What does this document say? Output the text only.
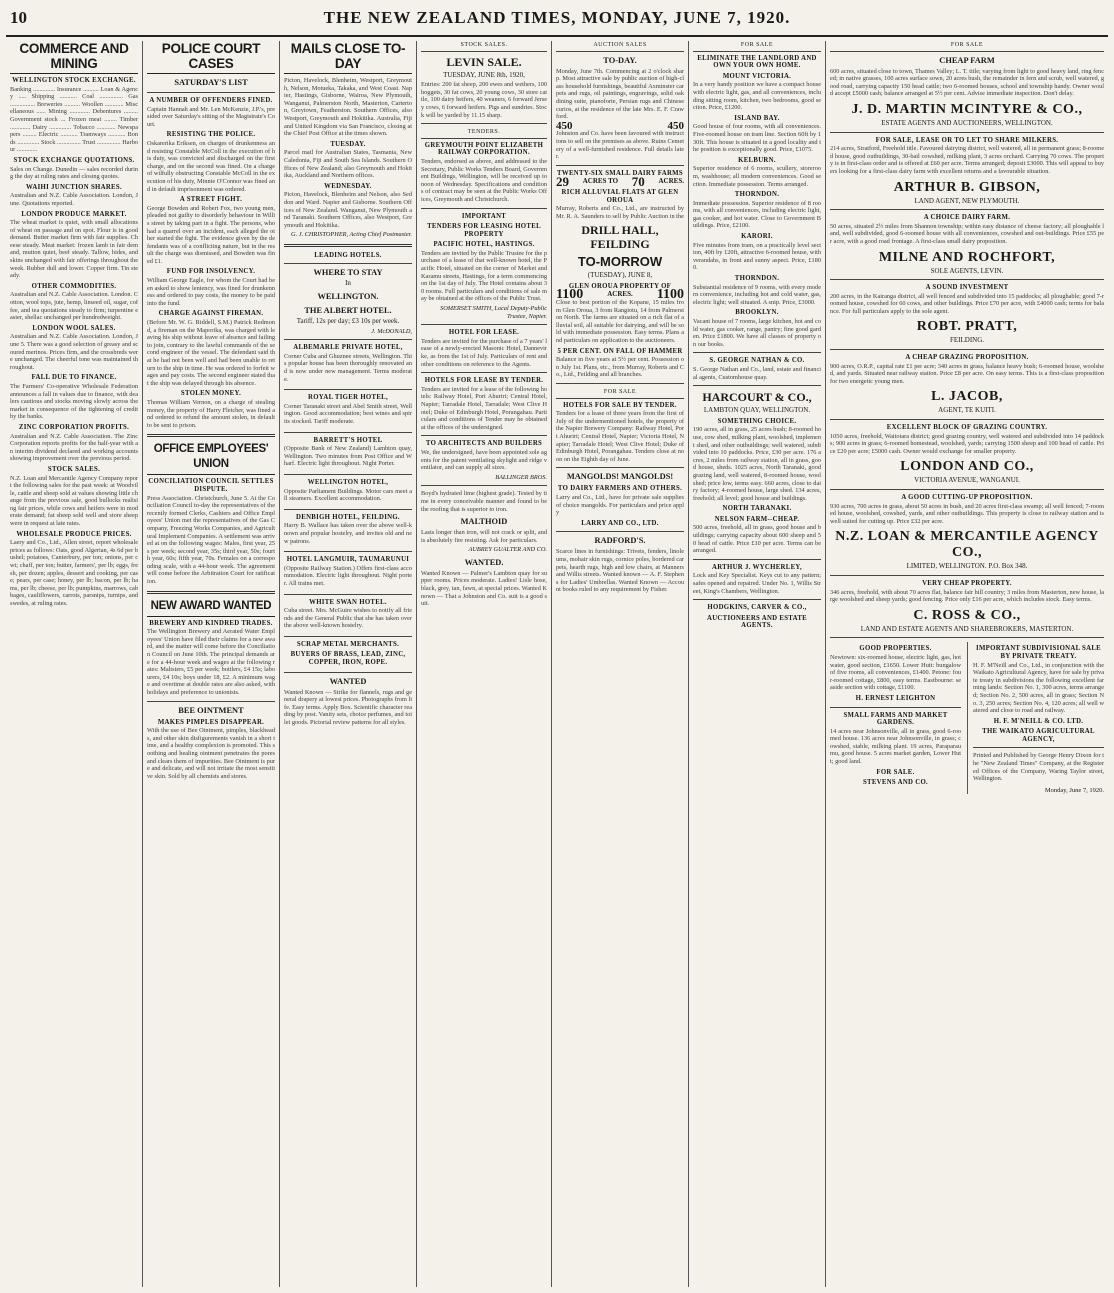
10	THE NEW ZEALAND TIMES, MONDAY, JUNE 7, 1920.
COMMERCE AND MINING
WELLINGTON STOCK EXCHANGE.
Banking .............. Insurance .......... Loan & Agency ..... Shipping ........... Coal ............... Gas ................ Breweries .......... Woollen ............ Miscellaneous ...... Mining ............. Debentures ......... Government stock ... Frozen meat ........ Timber ............. Dairy .............. Tobacco ............ Newspapers ......... Electric ........... Tramways ........... Bonds .............. Stock ............... Trust ............... Harbour .............
STOCK EXCHANGE QUOTATIONS.
Sales on Change. Dunedin — sales recorded during the day at ruling rates and closing quotes.
WAIHI JUNCTION SHARES.
Australian and N.Z. Cable Association. London, June. Quotations reported.
LONDON PRODUCE MARKET.
The wheat market is quiet, with small allocations of wheat on passage and on spot. Flour is in good demand. Butter market firm with fair supplies. Cheese steady. Meat market: frozen lamb in fair demand, mutton quiet, beef steady. Tallow, hides, and skins unchanged with fair offerings throughout the week. Rubber dull and lower. Copper firm. Tin steady.
OTHER COMMODITIES.
Australian and N.Z. Cable Association. London. Cotton, wool tops, jute, hemp, linseed oil, sugar, coffee, and tea quotations steady to firm; turpentine easier, shellac unchanged per hundredweight.
LONDON WOOL SALES.
Australian and N.Z. Cable Association. London, June 5. There was a good selection of greasy and scoured merinos. Prices firm, and the crossbreds were unchanged. The cheerful tone was maintained throughout.
FALL DUE TO FINANCE.
The Farmers' Co-operative Wholesale Federation announces a fall in values due to finance, with dealers cautious and stocks moving slowly across the market in consequence of the tightening of credit by the banks.
ZINC CORPORATION PROFITS.
Australian and N.Z. Cable Association. The Zinc Corporation reports profits for the half-year with an interim dividend declared and working accounts showing improvement over the previous period.
STOCK SALES.
N.Z. Loan and Mercantile Agency Company report the following sales for the past week: at Woodville, cattle and sheep sold at values showing little change from the previous sale, good bullocks realising fair prices, while cows and heifers were in moderate demand; fat sheep sold well and store sheep were in request at late rates.
WHOLESALE PRODUCE PRICES.
Laery and Co., Ltd., Allen street, report wholesale prices as follows: Oats, good Algerian, 4s 6d per bushel; potatoes, Canterbury, per ton; onions, per cwt; chaff, per ton; butter, farmers', per lb; eggs, fresh, per dozen; apples, dessert and cooking, per case; pears, per case; honey, per lb; bacon, per lb; hams, per lb; cheese, per lb; pumpkins, marrows, cabbages, cauliflowers, carrots, parsnips, turnips, and swedes, at ruling rates.
POLICE COURT CASES
SATURDAY'S LIST
A NUMBER OF OFFENDERS FINED.
Captain Hannah and Mr. Len McKenzie, J.P.'s, presided over Saturday's sitting of the Magistrate's Court.
RESISTING THE POLICE.
Oskarerika Eriksen, on charges of drunkenness and resisting Constable McColl in the execution of his duty, was convicted and discharged on the first charge, and on the second was fined. On a charge of wilfully obstructing Constable McColl in the execution of his duty, Minnie O'Connor was fined and in default imprisonment was ordered.
A STREET FIGHT.
George Bowden and Robert Fox, two young men, pleaded not guilty to disorderly behaviour in Willis street by taking part in a fight. The persons, who had a quarrel over an incident, each alleged the other started the fight. The evidence given by the defendants was of a conflicting nature, but in the result the charge was dismissed, and Bowden was fined £1.
FUND FOR INSOLVENCY.
William George Eagle, for whom the Court had been asked to show leniency, was fined for drunkenness and ordered to pay costs, the money to be paid into the fund.
CHARGE AGAINST FIREMAN.
(Before Mr. W. G. Riddell, S.M.) Patrick Redmond, a fireman on the Maporika, was charged with leaving his ship without leave of absence and failing to join, contrary to the lawful commands of the second engineer of the vessel. The defendant said that he had not been well and had been unable to return to the ship in time. He was ordered to forfeit wages and pay costs. The second engineer stated that the ship was delayed through his absence.
STOLEN MONEY.
Thomas William Vernon, on a charge of stealing money, the property of Harry Fletcher, was fined and ordered to refund the amount stolen, in default to be sent to prison.
OFFICE EMPLOYEES' UNION
CONCILIATION COUNCIL SETTLES DISPUTE.
Press Association. Christchurch, June 5. At the Conciliation Council to-day the representatives of the recently formed Clerks, Cashiers and Office Employees' Union met the representatives of the Gas Company, Freezing Works Companies, and Agricultural Implement Companies. A settlement was arrived at on the following wages: Males, first year, 25s per week; second year, 35s; third year, 50s; fourth year, 60s; fifth year, 70s. Females on a corresponding scale, with a 44-hour week. The agreement will come before the Arbitration Court for ratification.
NEW AWARD WANTED
BREWERY AND KINDRED TRADES.
The Wellington Brewery and Aerated Water Employees' Union have filed their claims for a new award, and the matter will come before the Conciliation Council on June 10th. The principal demands are for a 44-hour week and wages at the following rates: Maltsters, £5 per week; bottlers, £4 15s; labourers, £4 10s; boys under 18, £2. A minimum wage and overtime at double rates are also asked, with holidays and preference to unionists.
BEE OINTMENT
MAKES PIMPLES DISAPPEAR.
With the use of Bee Ointment, pimples, blackheads, and other skin disfigurements vanish in a short time, and a healthy complexion is promoted. This soothing and healing ointment penetrates the pores and clears them of impurities. Bee Ointment is pure and delicate, and will not irritate the most sensitive skin. Sold by all chemists and stores.
MAILS CLOSE TO-DAY
Picton, Havelock, Blenheim, Westport, Greymouth, Nelson, Motueka, Takaka, and West Coast. Napier, Hastings, Gisborne, Wairoa, New Plymouth, Wanganui, Palmerston North, Masterton, Carterton, Greytown, Featherston. Southern Offices, also Westport, Greymouth and Hokitika. Australia, Fiji and United Kingdom via San Francisco, closing at the Chief Post Office at the times shown.
TUESDAY.
Parcel mail for Australian States, Tasmania, New Caledonia, Fiji and South Sea Islands. Southern Offices of New Zealand; also Greymouth and Hokitika, Auckland and Northern offices.
WEDNESDAY.
Picton, Havelock, Blenheim and Nelson, also Seddon and Ward. Napier and Gisborne. Southern Offices of New Zealand. Wanganui, New Plymouth and Taranaki. Southern Offices, also Westport, Greymouth and Hokitika.
G. J. CHRISTOPHER, Acting Chief Postmaster.
LEADING HOTELS.
WHERE TO STAY
In
WELLINGTON.
THE ALBERT HOTEL.
Tariff, 12s per day; £3 10s per week.
J. McDONALD,
ALBEMARLE PRIVATE HOTEL,
Corner Cuba and Ghuznee streets, Wellington. This popular house has been thoroughly renovated and is now under new management. Terms moderate.
ROYAL TIGER HOTEL,
Corner Taranaki street and Abel Smith street, Wellington. Good accommodation; best wines and spirits stocked. Tariff moderate.
BARRETT'S HOTEL
(Opposite Bank of New Zealand) Lambton quay, Wellington. Two minutes from Post Office and Wharf. Electric light throughout. Night Porter.
WELLINGTON HOTEL,
Opposite Parliament Buildings. Motor cars meet all steamers. Excellent accommodation.
DENBIGH HOTEL, FEILDING.
Harry B. Wallace has taken over the above well-known and popular hostelry, and invites old and new patrons.
HOTEL LANGMUIR, TAUMARUNUI
(Opposite Railway Station.) Offers first-class accommodation. Electric light throughout. Night porter. All trains met.
WHITE SWAN HOTEL.
Cuba street. Mrs. McGuire wishes to notify all friends and the General Public that she has taken over the above well-known hostelry.
SCRAP METAL MERCHANTS.
BUYERS OF BRASS, LEAD, ZINC, COPPER, IRON, ROPE.
WANTED
Wanted Known — Strike for flannels, rugs and general drapery at lowest prices. Photographs from life. Easy terms. Apply Box. Scientific character reading by post. Vanity sets, choice perfumes, and toilet goods. Pictorial review patterns for all styles.
STOCK SALES.
LEVIN SALE.
TUESDAY, JUNE 8th, 1920,
Entries: 200 fat sheep, 200 ewes and wethers, 100 hoggets, 30 fat cows, 20 young cows, 30 store cattle, 100 dairy heifers, 40 weaners, 6 forward Jersey cows, 6 forward heifers. Pigs and sundries. Stock will be yarded by 11.15 sharp.
TENDERS.
GREYMOUTH POINT ELIZABETH RAILWAY CORPORATION.
Tenders, endorsed as above, and addressed to the Secretary, Public Works Tenders Board, Government Buildings, Wellington, will be received up to noon of Wednesday. Specifications and conditions of contract may be seen at the Public Works Offices, Greymouth and Christchurch.
IMPORTANT
TENDERS FOR LEASING HOTEL PROPERTY
PACIFIC HOTEL, HASTINGS.
Tenders are invited by the Public Trustee for the purchase of a lease of that well-known hotel, the Pacific Hotel, situated on the corner of Market and Karamu streets, Hastings, for a term commencing on the 1st day of July. The Hotel contains about 30 rooms. Full particulars and conditions of sale may be obtained at the offices of the Public Trust.
SOMERSET SMITH, Local Deputy-Public Trustee, Napier.
HOTEL FOR LEASE.
Tenders are invited for the purchase of a 7 years' lease of a newly-erected Masonic Hotel, Dannevirke, as from the 1st of July. Particulars of rent and other conditions on reference to the Agents.
HOTELS FOR LEASE BY TENDER.
Tenders are invited for a lease of the following hotels: Railway Hotel, Port Ahuriri; Central Hotel, Napier; Tarradale Hotel, Tarradale; West Clive Hotel; Duke of Edinburgh Hotel, Porangahau. Particulars and conditions of Tender may be obtained at the offices of the undersigned.
TO ARCHITECTS AND BUILDERS
We, the undersigned, have been appointed sole agents for the patent ventilating skylight and ridge ventilator, and can supply all sizes.
BALLINGER BROS.
Boyd's hydrated lime (highest grade). Tested by time in every conceivable manner and found to be the roofing that is superior to iron.
MALTHOID
Lasts longer than iron, will not crack or split, and is absolutely fire resisting. Ask for particulars.
AUBREY GUALTER AND CO.
WANTED.
Wanted Known — Palmer's Lambton quay for supper rooms. Prices moderate. Ladies! Lisle hose, black, grey, tan, fawn, at special prices. Wanted Known — That a Johnston and Co. suit is a good suit.
AUCTION SALES
TO-DAY.
Monday, June 7th. Commencing at 2 o'clock sharp. Most attractive sale by public auction of high-class household furnishings, beautiful Axminster carpets and rugs, oil paintings, engravings, solid oak dining suite, pianoforte, Persian rugs and Chinese curios, at the residence of the late Mrs. E. F. Crawford.
450	450
Johnston and Co. have been favoured with instructions to sell on the premises as above. Ruins Cemetery of a well-furnished residence. Full details later.
TWENTY-SIX SMALL DAIRY FARMS
29 ACRES TO 70 ACRES.
RICH ALLUVIAL FLATS AT GLEN OROUA
Murray, Roberts and Co., Ltd., are instructed by Mr. R. A. Saunders to sell by Public Auction in the
DRILL HALL, FEILDING
TO-MORROW
(TUESDAY), JUNE 8,
GLEN OROUA PROPERTY OF
1100	ACRES. 1100
Close to best portion of the Kopane, 15 miles from Glen Oroua, 3 from Rangiotu, 14 from Palmerston North. The farms are situated on a rich flat of alluvial soil, all suitable for dairying, and will be sold with immediate possession. Easy terms. Plans and particulars on application to the auctioneers.
5 PER CENT. ON FALL OF HAMMER
Balance in five years at 5½ per cent. Possession on July 1st. Plans, etc., from Murray, Roberts and Co., Ltd., Feilding and all branches.
FOR SALE
HOTELS FOR SALE BY TENDER.
Tenders for a lease of three years from the first of July of the undermentioned hotels, the property of the Napier Brewery Company: Railway Hotel, Port Ahuriri; Central Hotel, Napier; Victoria Hotel, Napier; Tarradale Hotel; West Clive Hotel; Duke of Edinburgh Hotel, Porangahau. Tenders close at noon on the Eighth day of June.
MANGOLDS! MANGOLDS!
TO DAIRY FARMERS AND OTHERS.
Larry and Co., Ltd., have for private sale supplies of choice mangolds. For particulars and price apply
LARRY AND CO., LTD.
RADFORD'S.
Scarce lines in furnishings: Trivets, fenders, linoleums, mohair skin rugs, cornice poles, bordered carpets, hearth rugs, high and low chairs, at Manners and Willis streets. Wanted known — A. F. Stephens for Ladies' Umbrellas. Wanted Known — Account books ruled to any requirement by Fisher.
FOR SALE
ELIMINATE THE LANDLORD AND OWN YOUR OWN HOME.
MOUNT VICTORIA.
In a very handy position we have a compact house with electric light, gas, and all conveniences, including sitting room, kitchen, two bedrooms, good section. Price, £1200.
ISLAND BAY.
Good house of four rooms, with all conveniences. Five-roomed house on tram line. Section 60ft by 130ft. This house is situated in a good locality and the position is exceptionally good. Price, £1075.
KELBURN.
Superior residence of 6 rooms, scullery, storeroom, washhouse; all modern conveniences. Good section. Immediate possession. Terms arranged.
THORNDON.
Immediate possession. Superior residence of 8 rooms, with all conveniences, including electric light, gas cooker, and hot water. Close to Government Buildings. Price, £2100.
KARORI.
Five minutes from tram, on a practically level section, 40ft by 120ft, attractive 6-roomed house, with verandahs, in front and sunny aspect. Price, £1800.
THORNDON.
Substantial residence of 9 rooms, with every modern convenience, including hot and cold water, gas, electric light; well situated. A snip. Price, £3000.
BROOKLYN.
Vacant house of 7 rooms, large kitchen, hot and cold water, gas cooker, range, pantry; fine good garden. Price £1800. We have all classes of property on our books.
S. GEORGE NATHAN & CO.
S. George Nathan and Co., land, estate and financial agents, Customhouse quay.
HARCOURT & CO.,
LAMBTON QUAY, WELLINGTON.
SOMETHING CHOICE.
190 acres, all in grass, 25 acres bush; 8-roomed house, cow shed, milking plant, woolshed, implement shed, and other outbuildings; well watered, subdivided into 10 paddocks. Price, £30 per acre. 176 acres, 2 miles from railway station, all in grass, good house, sheds. 1025 acres, North Taranaki, good grazing land, well watered, 8-roomed house, woolshed; price low, terms easy. 660 acres, close to dairy factory; 4-roomed house, large shed. 134 acres, freehold; all level; good house and buildings.
NORTH TARANAKI.
NELSON FARM--CHEAP.
500 acres, freehold, all in grass, good house and buildings; carrying capacity about 600 sheep and 50 head of cattle. Price £10 per acre. Terms can be arranged.
ARTHUR J. WYCHERLEY,
Lock and Key Specialist. Keys cut to any pattern; safes opened and repaired. Under No. 1, Willis Street, King's Chambers, Wellington.
HODGKINS, CARVER & CO.,
AUCTIONEERS AND ESTATE AGENTS.
FOR SALE
CHEAP FARM
600 acres, situated close to town, Thames Valley; L. T. title; varying from light to good heavy land, ring fenced; in native grasses, 100 acres surface sown, 20 acres bush, the remainder in fern and scrub, well watered, good road, carrying capacity 150 head cattle; two 6-roomed houses, school and township handy. Owner would accept £5000 cash; balance arranged at 5½ per cent. Advise immediate inspection. Don't delay.
J. D. MARTIN MCINTYRE & CO.,
ESTATE AGENTS AND AUCTIONEERS, WELLINGTON.
FOR SALE, LEASE OR TO LET TO SHARE MILKERS.
214 acres, Stratford, Freehold title. Favoured dairying district, well watered, all in permanent grass; 8-roomed house, good outbuildings, 30-bail cowshed, milking plant, 3 acres orchard. Carrying 70 cows. The property is in first-class order and is offered at £60 per acre. Terms arranged; deposit £3000. This will appeal to buyers looking for a first-class dairy farm with excellent returns and a favourable situation.
ARTHUR B. GIBSON,
LAND AGENT, NEW PLYMOUTH.
A CHOICE DAIRY FARM.
50 acres, situated 2½ miles from Shannon township; within easy distance of cheese factory; all ploughable land, well subdivided, good 6-roomed house with all conveniences, cowshed and out-buildings. Price £55 per acre, with a good road frontage. A first-class small dairy proposition.
MILNE AND ROCHFORT,
SOLE AGENTS, LEVIN.
A SOUND INVESTMENT
200 acres, in the Kairanga district, all well fenced and subdivided into 15 paddocks; all ploughable; good 7-roomed house, cowshed for 60 cows, and other buildings. Price £70 per acre, with £4000 cash; terms for balance. For full particulars apply to the sole agent.
ROBT. PRATT,
FEILDING.
A CHEAP GRAZING PROPOSITION.
900 acres, O.R.P., capital rate £1 per acre; 340 acres in grass, balance heavy bush; 6-roomed house, woolshed, and yards. Situated near railway station. Price £8 per acre. On easy terms. This is a first-class proposition for two energetic young men.
L. JACOB,
AGENT, TE KUITI.
EXCELLENT BLOCK OF GRAZING COUNTRY.
1050 acres, freehold, Waitotara district; good grazing country, well watered and subdivided into 14 paddocks; 900 acres in grass; 6-roomed homestead, woolshed, yards; carrying 1500 sheep and 100 head of cattle. Price £20 per acre; £5000 cash. Owner would exchange for smaller property.
LONDON AND CO.,
VICTORIA AVENUE, WANGANUI.
A GOOD CUTTING-UP PROPOSITION.
930 acres, 700 acres in grass, about 50 acres in bush, and 20 acres first-class swamp; all well fenced; 7-roomed house, woolshed, cowshed, yards, and other outbuildings. This property is close to railway station and is well suited for cutting up. Price £32 per acre.
N.Z. LOAN & MERCANTILE AGENCY CO.,
LIMITED, WELLINGTON. P.O. Box 348.
VERY CHEAP PROPERTY.
346 acres, freehold, with about 70 acres flat, balance fair hill country; 3 miles from Masterton, new house, large woolshed and sheep yards; good fencing. Price only £16 per acre, which includes stock. Easy terms.
C. ROSS & CO.,
LAND AND ESTATE AGENTS AND SHAREBROKERS, MASTERTON.
GOOD PROPERTIES.
Newtown: six-roomed house, electric light, gas, hot water, good section, £1650. Lower Hutt: bungalow of five rooms, all conveniences, £1400. Petone: four-roomed cottage, £800, easy terms. Eastbourne: seaside section with cottage, £1100.
H. ERNEST LEIGHTON
SMALL FARMS AND MARKET GARDENS.
14 acres near Johnsonville, all in grass, good 6-roomed house. 136 acres near Johnsonville, in grass; cowshed, stable, milking plant. 19 acres, Paraparaumu, good house. 5 acres market garden, Lower Hutt; good land.
FOR SALE.
STEVENS AND CO.
IMPORTANT SUBDIVISIONAL SALE BY PRIVATE TREATY.
H. F. M'Neill and Co., Ltd., in conjunction with the Waikato Agricultural Agency, have for sale by private treaty in subdivisions the following excellent farming lands: Section No. 1, 300 acres, terms arranged; Section No. 2, 500 acres, all in grass; Section No. 3, 250 acres; Section No. 4, 120 acres; all well watered and close to road and railway.
H. F. M'NEILL & CO. LTD.
THE WAIKATO AGRICULTURAL AGENCY,
Printed and Published by George Henry Dixon for the "New Zealand Times" Company, at the Registered Offices of the Company, Waring Taylor street, Wellington.
Monday, June 7, 1920.
